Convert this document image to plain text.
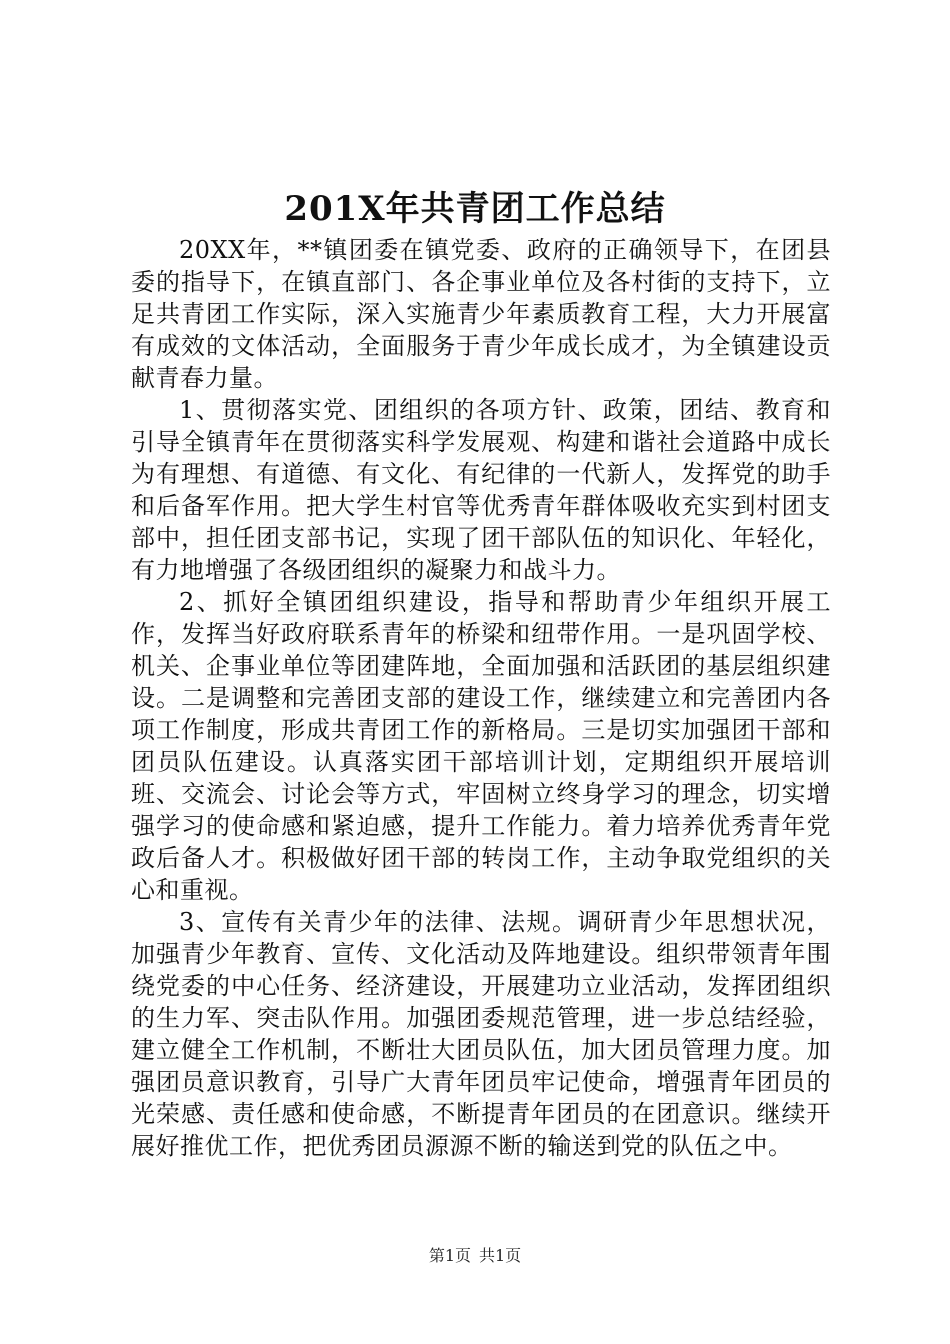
201X年共青团工作总结

20XX年，**镇团委在镇党委、政府的正确领导下，在团县委的指导下，在镇直部门、各企事业单位及各村街的支持下，立足共青团工作实际，深入实施青少年素质教育工程，大力开展富有成效的文体活动，全面服务于青少年成长成才，为全镇建设贡献青春力量。

1、贯彻落实党、团组织的各项方针、政策，团结、教育和引导全镇青年在贯彻落实科学发展观、构建和谐社会道路中成长为有理想、有道德、有文化、有纪律的一代新人，发挥党的助手和后备军作用。把大学生村官等优秀青年群体吸收充实到村团支部中，担任团支部书记，实现了团干部队伍的知识化、年轻化，有力地增强了各级团组织的凝聚力和战斗力。

2、抓好全镇团组织建设，指导和帮助青少年组织开展工作，发挥当好政府联系青年的桥梁和纽带作用。一是巩固学校、机关、企事业单位等团建阵地，全面加强和活跃团的基层组织建设。二是调整和完善团支部的建设工作，继续建立和完善团内各项工作制度，形成共青团工作的新格局。三是切实加强团干部和团员队伍建设。认真落实团干部培训计划，定期组织开展培训班、交流会、讨论会等方式，牢固树立终身学习的理念，切实增强学习的使命感和紧迫感，提升工作能力。着力培养优秀青年党政后备人才。积极做好团干部的转岗工作，主动争取党组织的关心和重视。

3、宣传有关青少年的法律、法规。调研青少年思想状况，加强青少年教育、宣传、文化活动及阵地建设。组织带领青年围绕党委的中心任务、经济建设，开展建功立业活动，发挥团组织的生力军、突击队作用。加强团委规范管理，进一步总结经验，建立健全工作机制，不断壮大团员队伍，加大团员管理力度。加强团员意识教育，引导广大青年团员牢记使命，增强青年团员的光荣感、责任感和使命感，不断提青年团员的在团意识。继续开展好推优工作，把优秀团员源源不断的输送到党的队伍之中。

第1页 共1页
